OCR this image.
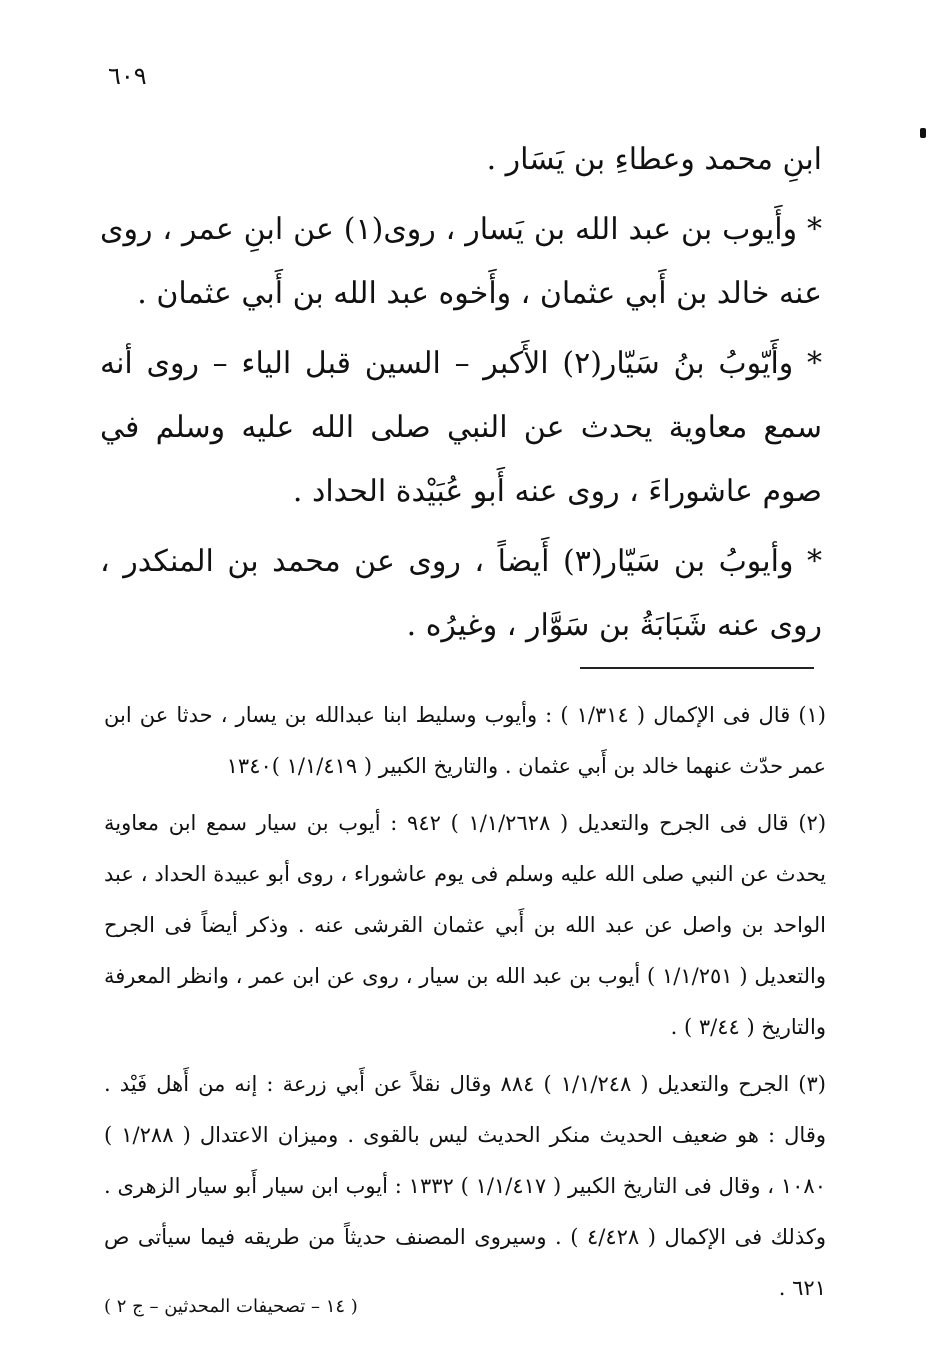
٦٠٩

ابنِ محمد وعطاءِ بن يَسَار .

* وأَيوب بن عبد الله بن يَسار ، روى(١) عن ابنِ عمر ، روى عنه خالد بن أَبي عثمان ، وأَخوه عبد الله بن أَبي عثمان .

* وأَيّوبُ بنُ سَيّار(٢) الأَكبر – السين قبل الياء – روى أنه سمع معاوية يحدث عن النبي صلى الله عليه وسلم في صوم عاشوراءَ ، روى عنه أَبو عُبَيْدة الحداد .

* وأيوبُ بن سَيّار(٣) أَيضاً ، روى عن محمد بن المنكدر ، روى عنه شَبَابَةُ بن سَوَّار ، وغيرُه .

(١) قال فى الإكمال ( ١/٣١٤ ) : وأيوب وسليط ابنا عبدالله بن يسار ، حدثا عن ابن عمر حدّث عنهما خالد بن أَبي عثمان . والتاريخ الكبير ( ١/١/٤١٩ )١٣٤٠

(٢) قال فى الجرح والتعديل ( ١/١/٢٦٢٨ ) ٩٤٢ : أيوب بن سيار سمع ابن معاوية يحدث عن النبي صلى الله عليه وسلم فى يوم عاشوراء ، روى أبو عبيدة الحداد ، عبد الواحد بن واصل عن عبد الله بن أَبي عثمان القرشى عنه . وذكر أيضاً فى الجرح والتعديل ( ١/١/٢٥١ ) أيوب بن عبد الله بن سيار ، روى عن ابن عمر ، وانظر المعرفة والتاريخ ( ٣/٤٤ ) .

(٣) الجرح والتعديل ( ١/١/٢٤٨ ) ٨٨٤ وقال نقلاً عن أَبي زرعة : إنه من أَهل فَيْد . وقال : هو ضعيف الحديث منكر الحديث ليس بالقوى . وميزان الاعتدال ( ١/٢٨٨ ) ١٠٨٠ ، وقال فى التاريخ الكبير ( ١/١/٤١٧ ) ١٣٣٢ : أيوب ابن سيار أَبو سيار الزهرى . وكذلك فى الإكمال ( ٤/٤٢٨ ) . وسيروى المصنف حديثاً من طريقه فيما سيأتى ص ٦٢١ .

( ١٤ – تصحيفات المحدثين – ج ٢ )
